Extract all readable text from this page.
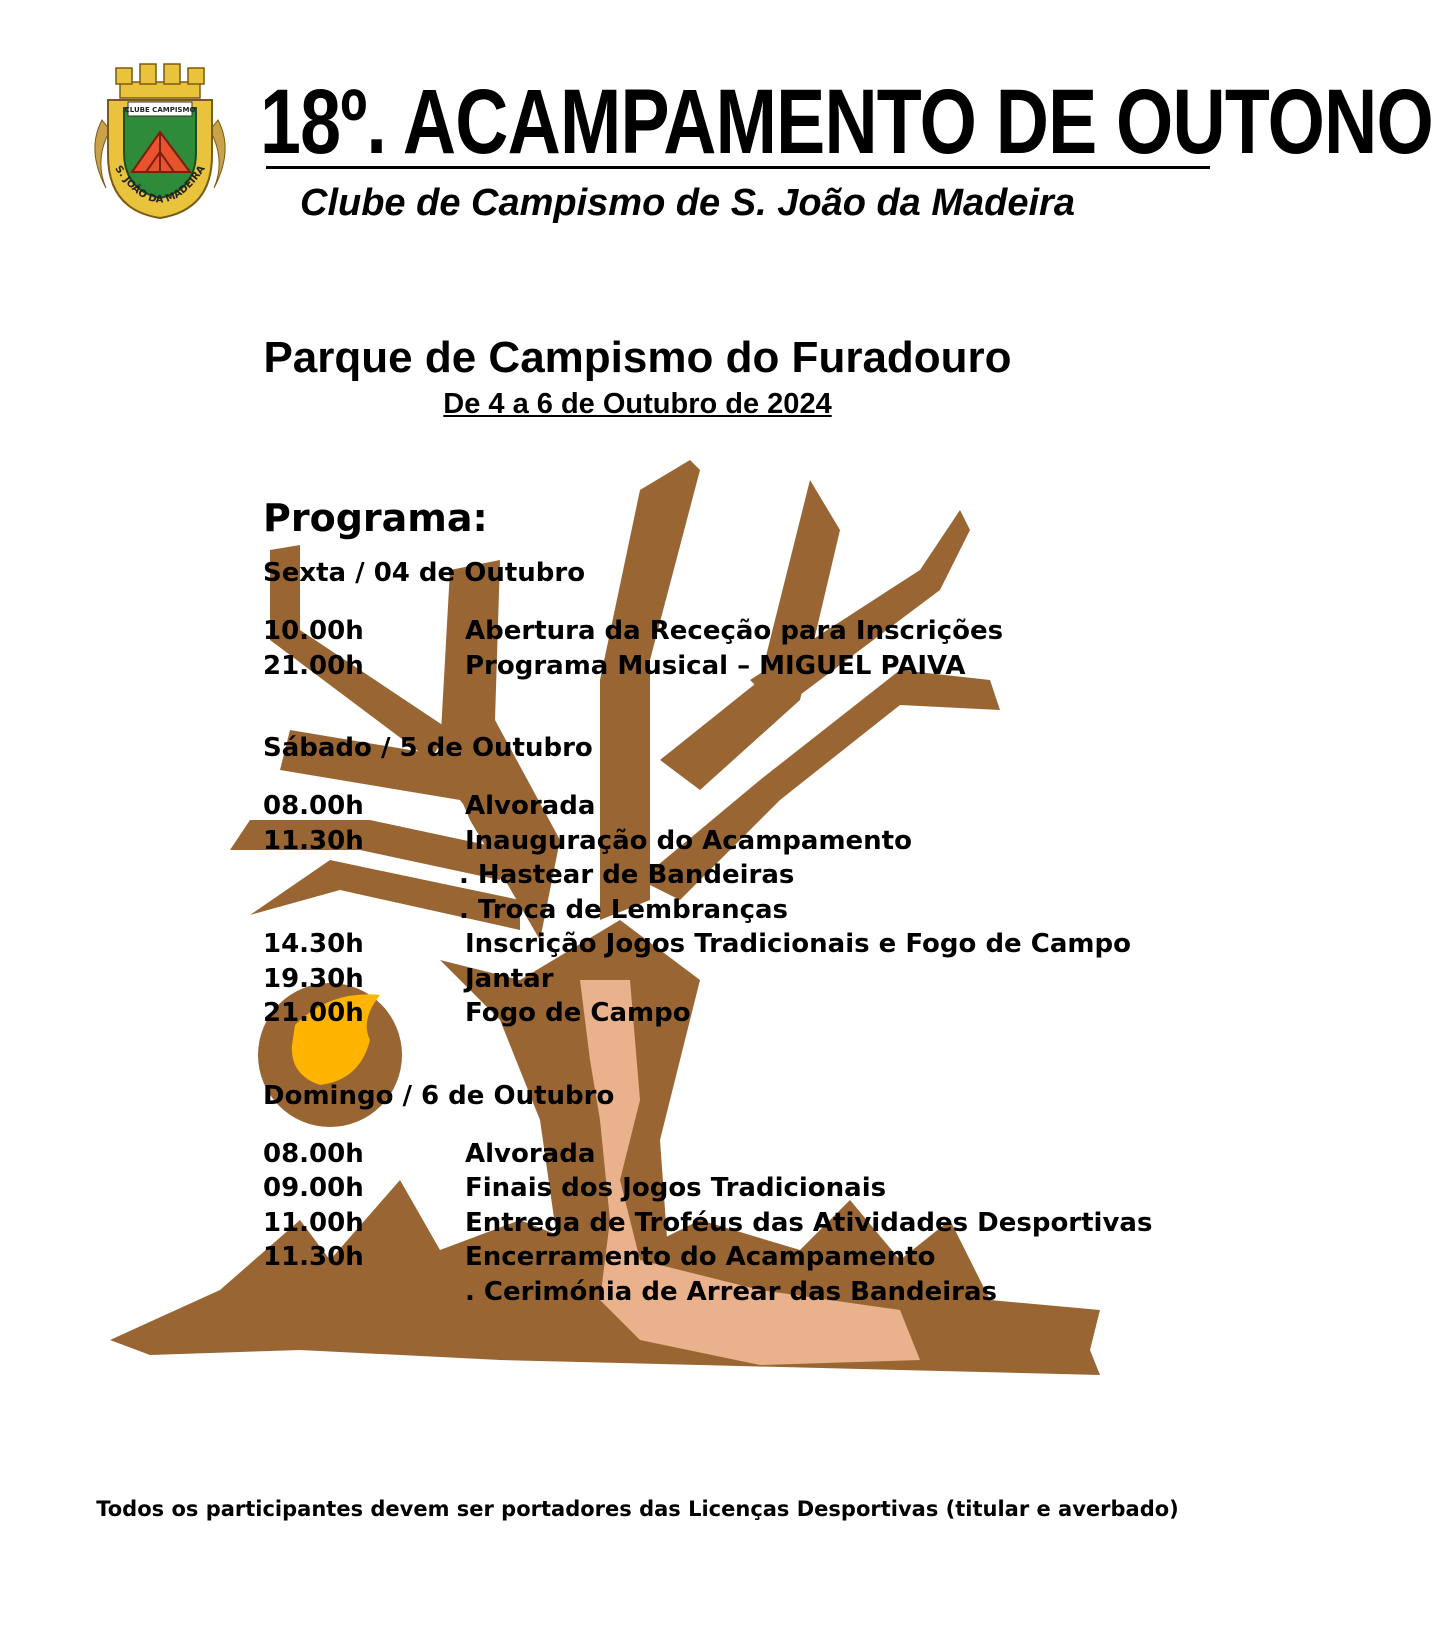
CLUBE CAMPISMO
S. JOÃO DA MADEIRA 18º. ACAMPAMENTO DE OUTONO
Clube de Campismo de S. João da Madeira
Parque de Campismo do Furadouro
De 4 a 6 de Outubro de 2024
Programa:
Sexta / 04 de Outubro
10.00h	Abertura da Receção para Inscrições
21.00h	Programa Musical – MIGUEL PAIVA
Sábado / 5 de Outubro
08.00h	Alvorada
11.30h	Inauguração do Acampamento
. Hastear de Bandeiras
. Troca de Lembranças
14.30h	Inscrição Jogos Tradicionais e Fogo de Campo
19.30h	Jantar
21.00h	Fogo de Campo
Domingo / 6 de Outubro
08.00h	Alvorada
09.00h	Finais dos Jogos Tradicionais
11.00h	Entrega de Troféus das Atividades Desportivas
11.30h	Encerramento do Acampamento
. Cerimónia de Arrear das Bandeiras
Todos os participantes devem ser portadores das Licenças Desportivas (titular e averbado)
